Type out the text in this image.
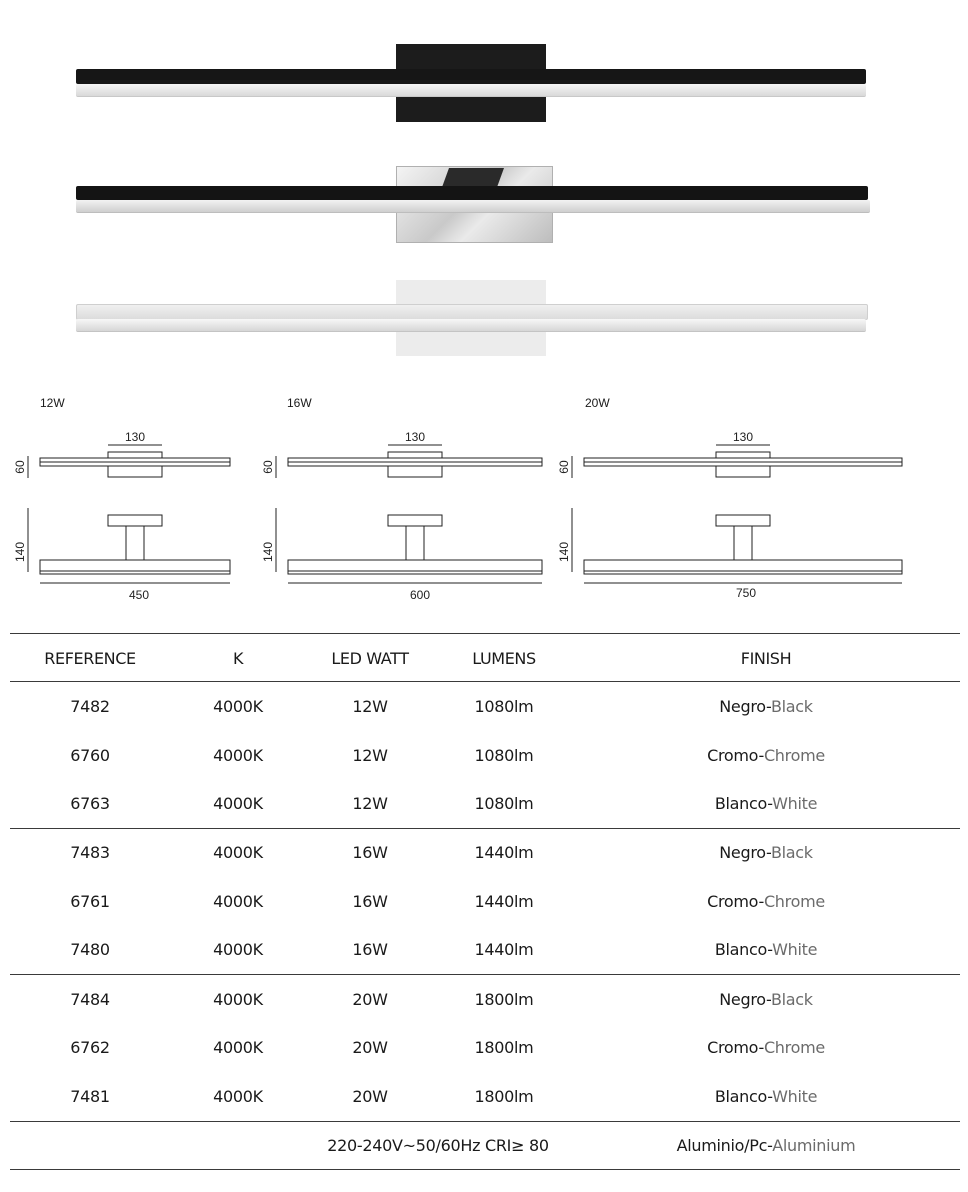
12W	16W	20W
130
60
140
450
130
60
140
600
130
60
140
750
REFERENCE	K	LED WATT	LUMENS	FINISH
7482	4000K	12W	1080lm	Negro-Black
6760	4000K	12W	1080lm	Cromo-Chrome
6763	4000K	12W	1080lm	Blanco-White
7483	4000K	16W	1440lm	Negro-Black
6761	4000K	16W	1440lm	Cromo-Chrome
7480	4000K	16W	1440lm	Blanco-White
7484	4000K	20W	1800lm	Negro-Black
6762	4000K	20W	1800lm	Cromo-Chrome
7481	4000K	20W	1800lm	Blanco-White
220-240V~50/60Hz CRI≥ 80	Aluminio/Pc-Aluminium
